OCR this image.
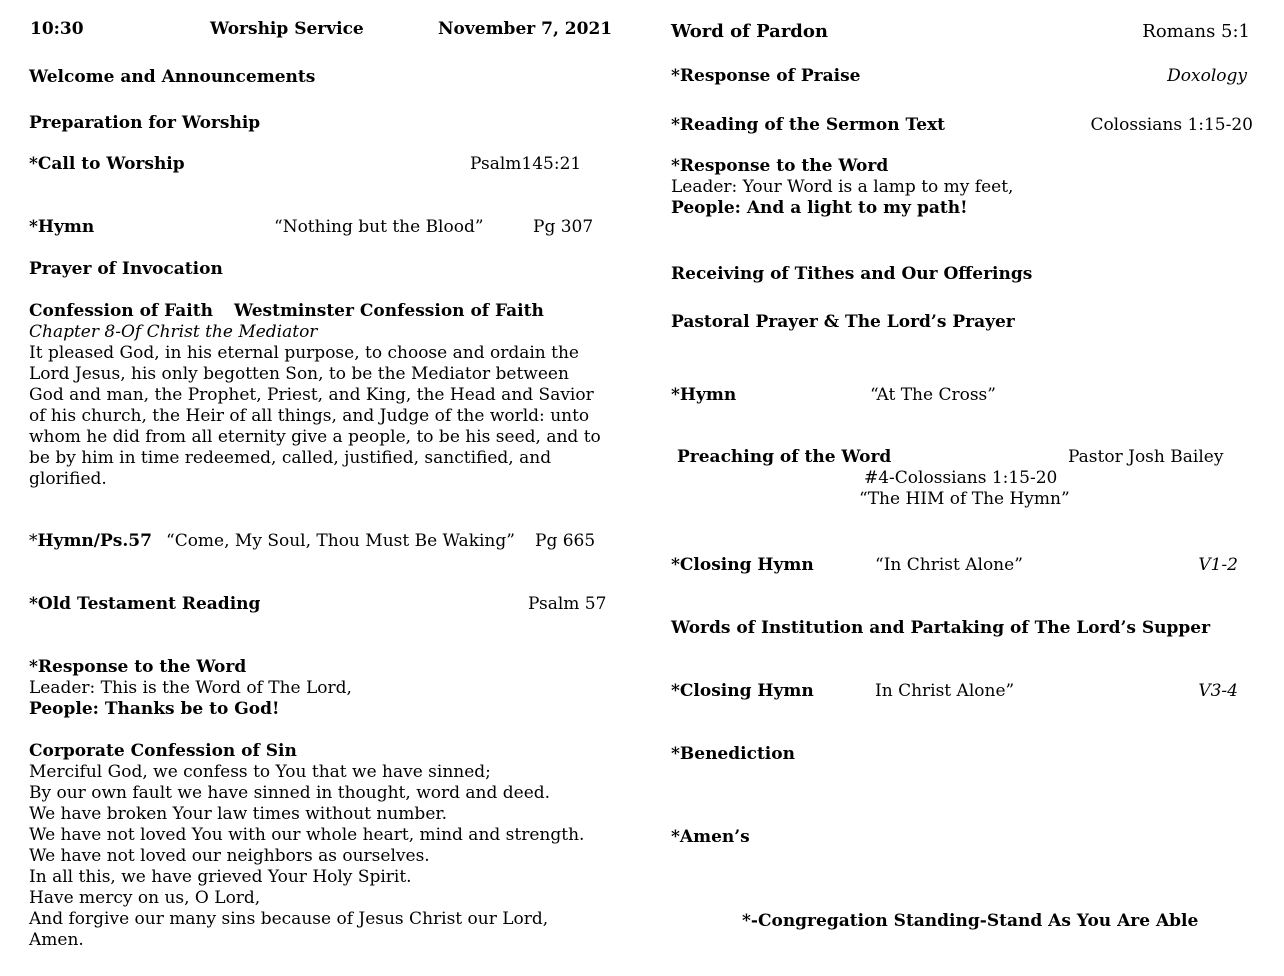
10:30	Worship Service	November 7, 2021
Welcome and Announcements
Preparation for Worship
*Call to Worship	Psalm145:21
*Hymn	“Nothing but the Blood”	Pg 307
Prayer of Invocation
Confession of Faith Westminster Confession of Faith
Chapter 8-Of Christ the Mediator
It pleased God, in his eternal purpose, to choose and ordain the
Lord Jesus, his only begotten Son, to be the Mediator between
God and man, the Prophet, Priest, and King, the Head and Savior
of his church, the Heir of all things, and Judge of the world: unto
whom he did from all eternity give a people, to be his seed, and to
be by him in time redeemed, called, justified, sanctified, and
glorified.
*Hymn/Ps.57 “Come, My Soul, Thou Must Be Waking” Pg 665
*Old Testament Reading	Psalm 57
*Response to the Word
Leader: This is the Word of The Lord,
People: Thanks be to God!
Corporate Confession of Sin
Merciful God, we confess to You that we have sinned;
By our own fault we have sinned in thought, word and deed.
We have broken Your law times without number.
We have not loved You with our whole heart, mind and strength.
We have not loved our neighbors as ourselves.
In all this, we have grieved Your Holy Spirit.
Have mercy on us, O Lord,
And forgive our many sins because of Jesus Christ our Lord,
Amen.
Word of Pardon	Romans 5:1
*Response of Praise	Doxology
*Reading of the Sermon Text	Colossians 1:15-20
*Response to the Word
Leader: Your Word is a lamp to my feet,
People: And a light to my path!
Receiving of Tithes and Our Offerings
Pastoral Prayer & The Lord’s Prayer
*Hymn	“At The Cross”
Preaching of the Word	Pastor Josh Bailey
#4-Colossians 1:15-20
“The HIM of The Hymn”
*Closing Hymn	“In Christ Alone”	V1-2
Words of Institution and Partaking of The Lord’s Supper
*Closing Hymn	In Christ Alone”	V3-4
*Benediction
*Amen’s
*-Congregation Standing-Stand As You Are Able
